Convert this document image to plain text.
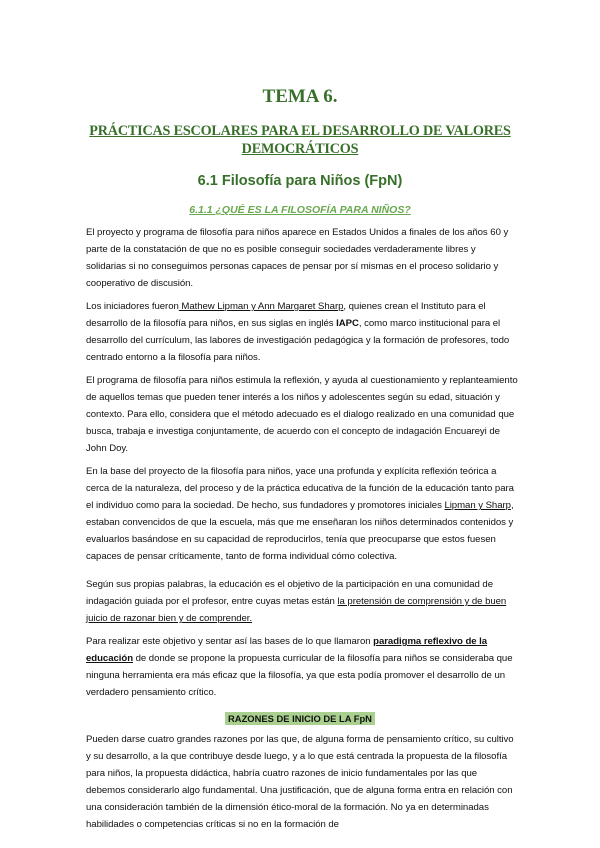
TEMA 6.
PRÁCTICAS ESCOLARES PARA EL DESARROLLO DE VALORES DEMOCRÁTICOS
6.1 Filosofía para Niños (FpN)
6.1.1 ¿QUÉ ES LA FILOSOFÍA PARA NIÑOS?

El proyecto y programa de filosofía para niños aparece en Estados Unidos a finales de los años 60 y parte de la constatación de que no es posible conseguir sociedades verdaderamente libres y solidarias si no conseguimos personas capaces de pensar por sí mismas en el proceso solidario y cooperativo de discusión.

Los iniciadores fueron Mathew Lipman y Ann Margaret Sharp, quienes crean el Instituto para el desarrollo de la filosofía para niños, en sus siglas en inglés IAPC, como marco institucional para el desarrollo del currículum, las labores de investigación pedagógica y la formación de profesores, todo centrado entorno a la filosofía para niños.

El programa de filosofía para niños estimula la reflexión, y ayuda al cuestionamiento y replanteamiento de aquellos temas que pueden tener interés a los niños y adolescentes según su edad, situación y contexto. Para ello, considera que el método adecuado es el dialogo realizado en una comunidad que busca, trabaja e investiga conjuntamente, de acuerdo con el concepto de indagación Encuareyi de John Doy.

En la base del proyecto de la filosofía para niños, yace una profunda y explícita reflexión teórica a cerca de la naturaleza, del proceso y de la práctica educativa de la función de la educación tanto para el individuo como para la sociedad. De hecho, sus fundadores y promotores iniciales Lipman y Sharp, estaban convencidos de que la escuela, más que me enseñaran los niños determinados contenidos y evaluarlos basándose en su capacidad de reproducirlos, tenía que preocuparse que estos fuesen capaces de pensar críticamente, tanto de forma individual cómo colectiva.

Según sus propias palabras, la educación es el objetivo de la participación en una comunidad de indagación guiada por el profesor, entre cuyas metas están la pretensión de comprensión y de buen juicio de razonar bien y de comprender.

Para realizar este objetivo y sentar así las bases de lo que llamaron paradigma reflexivo de la educación de donde se propone la propuesta curricular de la filosofía para niños se consideraba que ninguna herramienta era más eficaz que la filosofía, ya que esta podía promover el desarrollo de un verdadero pensamiento crítico.

RAZONES DE INICIO DE LA FpN

Pueden darse cuatro grandes razones por las que, de alguna forma de pensamiento crítico, su cultivo y su desarrollo, a la que contribuye desde luego, y a lo que está centrada la propuesta de la filosofía para niños, la propuesta didáctica, habría cuatro razones de inicio fundamentales por las que debemos considerarlo algo fundamental. Una justificación, que de alguna forma entra en relación con una consideración también de la dimensión ético-moral de la formación. No ya en determinadas habilidades o competencias críticas si no en la formación de
